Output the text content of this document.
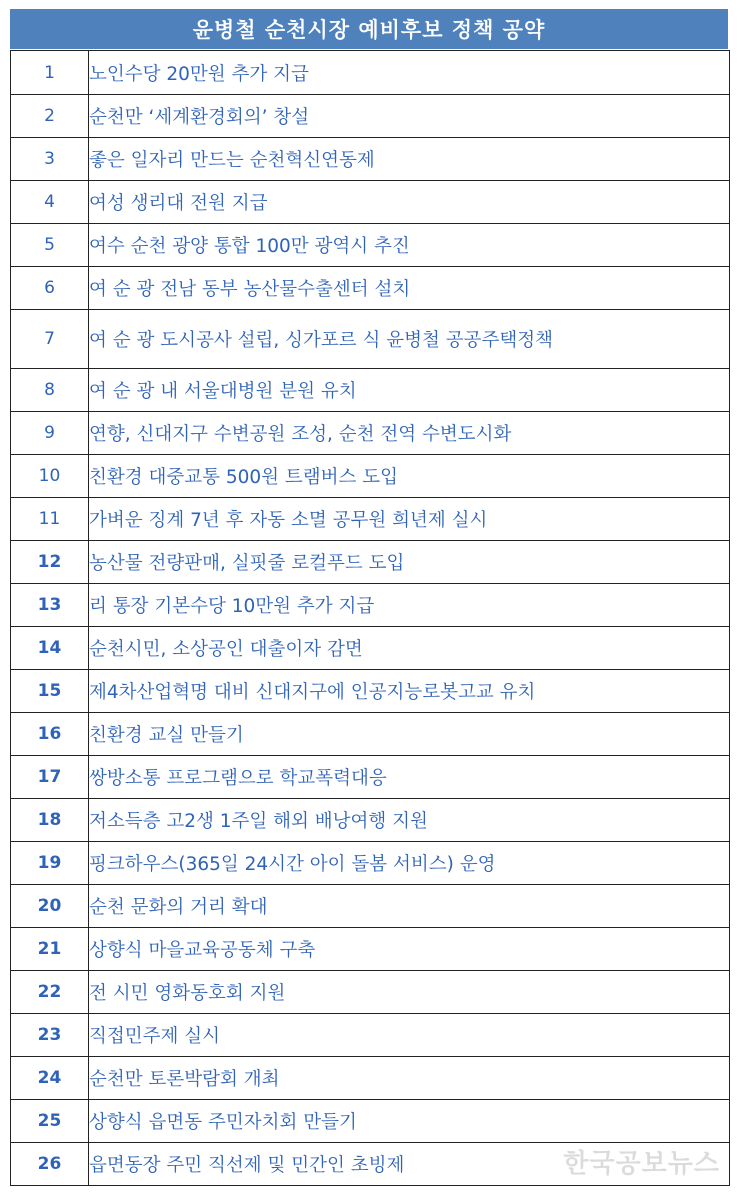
윤병철 순천시장 예비후보 정책 공약
1	노인수당 20만원 추가 지급
2	순천만 ‘세계환경회의’ 창설
3	좋은 일자리 만드는 순천혁신연동제
4	여성 생리대 전원 지급
5	여수 순천 광양 통합 100만 광역시 추진
6	여 순 광 전남 동부 농산물수출센터 설치
7	여 순 광 도시공사 설립, 싱가포르 식 윤병철 공공주택정책
8	여 순 광 내 서울대병원 분원 유치
9	연향, 신대지구 수변공원 조성, 순천 전역 수변도시화
10	친환경 대중교통 500원 트램버스 도입
11	가벼운 징계 7년 후 자동 소멸 공무원 희년제 실시
12	농산물 전량판매, 실핏줄 로컬푸드 도입
13	리 통장 기본수당 10만원 추가 지급
14	순천시민, 소상공인 대출이자 감면
15	제4차산업혁명 대비 신대지구에 인공지능로봇고교 유치
16	친환경 교실 만들기
17	쌍방소통 프로그램으로 학교폭력대응
18	저소득층 고2생 1주일 해외 배낭여행 지원
19	핑크하우스(365일 24시간 아이 돌봄 서비스) 운영
20	순천 문화의 거리 확대
21	상향식 마을교육공동체 구축
22	전 시민 영화동호회 지원
23	직접민주제 실시
24	순천만 토론박람회 개최
25	상향식 읍면동 주민자치회 만들기
26	읍면동장 주민 직선제 및 민간인 초빙제	한국공보뉴스
